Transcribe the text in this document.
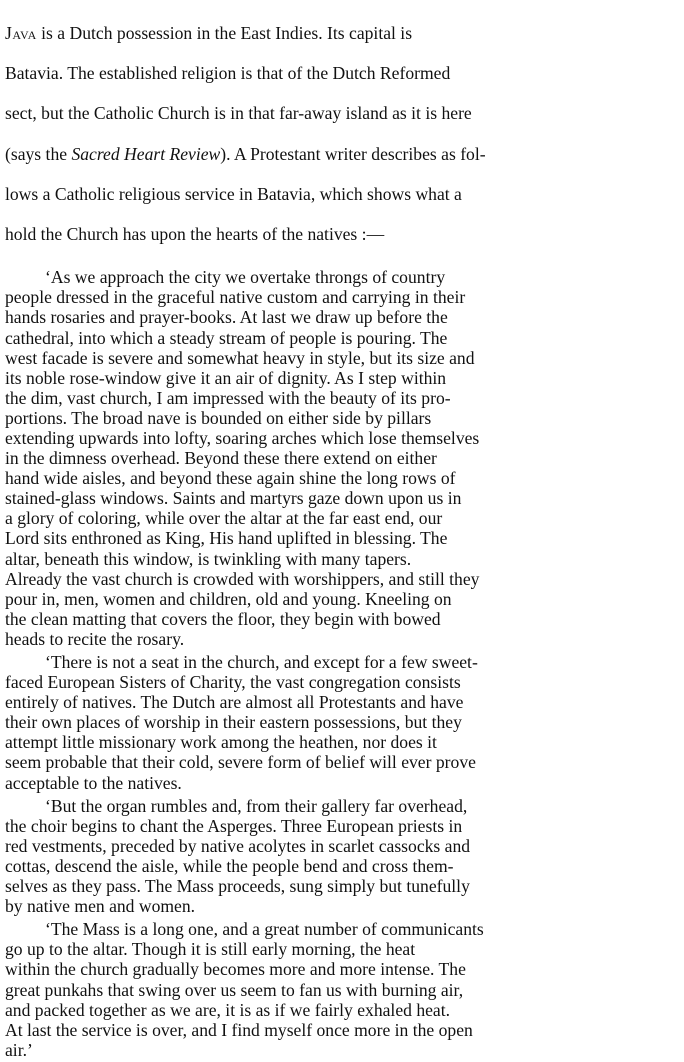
Java is a Dutch possession in the East Indies. Its capital is

Batavia. The established religion is that of the Dutch Reformed

sect, but the Catholic Church is in that far-away island as it is here

(says the Sacred Heart Review). A Protestant writer describes as fol-

lows a Catholic religious service in Batavia, which shows what a

hold the Church has upon the hearts of the natives :—

‘As we approach the city we overtake throngs of country
people dressed in the graceful native custom and carrying in their
hands rosaries and prayer-books. At last we draw up before the
cathedral, into which a steady stream of people is pouring. The
west facade is severe and somewhat heavy in style, but its size and
its noble rose-window give it an air of dignity. As I step within
the dim, vast church, I am impressed with the beauty of its pro-
portions. The broad nave is bounded on either side by pillars
extending upwards into lofty, soaring arches which lose themselves
in the dimness overhead. Beyond these there extend on either
hand wide aisles, and beyond these again shine the long rows of
stained-glass windows. Saints and martyrs gaze down upon us in
a glory of coloring, while over the altar at the far east end, our
Lord sits enthroned as King, His hand uplifted in blessing. The
altar, beneath this window, is twinkling with many tapers.
Already the vast church is crowded with worshippers, and still they
pour in, men, women and children, old and young. Kneeling on
the clean matting that covers the floor, they begin with bowed
heads to recite the rosary.
‘There is not a seat in the church, and except for a few sweet-
faced European Sisters of Charity, the vast congregation consists
entirely of natives. The Dutch are almost all Protestants and have
their own places of worship in their eastern possessions, but they
attempt little missionary work among the heathen, nor does it
seem probable that their cold, severe form of belief will ever prove
acceptable to the natives.
‘But the organ rumbles and, from their gallery far overhead,
the choir begins to chant the Asperges. Three European priests in
red vestments, preceded by native acolytes in scarlet cassocks and
cottas, descend the aisle, while the people bend and cross them-
selves as they pass. The Mass proceeds, sung simply but tunefully
by native men and women.
‘The Mass is a long one, and a great number of communicants
go up to the altar. Though it is still early morning, the heat
within the church gradually becomes more and more intense. The
great punkahs that swing over us seem to fan us with burning air,
and packed together as we are, it is as if we fairly exhaled heat.
At last the service is over, and I find myself once more in the open
air.’
